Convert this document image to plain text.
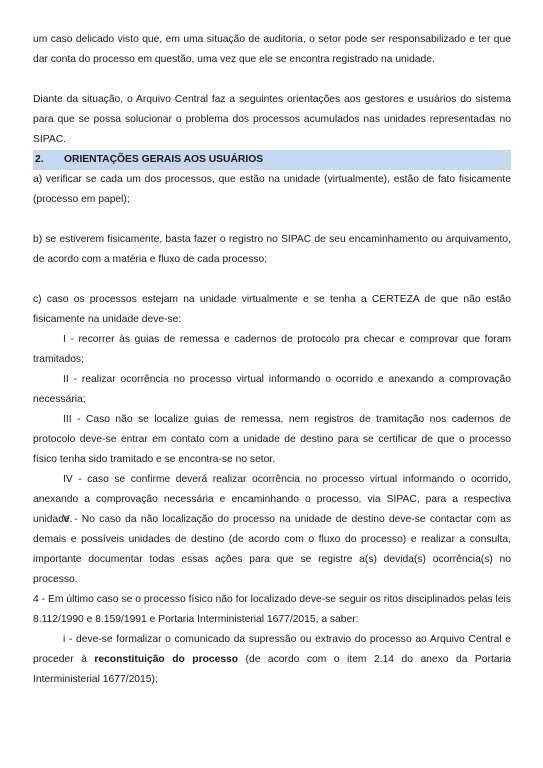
um caso delicado visto que, em uma situação de auditoria, o setor pode ser responsabilizado e ter que dar conta do processo em questão, uma vez que ele se encontra registrado na unidade.

Diante da situação, o Arquivo Central faz a seguintes orientações aos gestores e usuários do sistema para que se possa solucionar o problema dos processos acumulados nas unidades representadas no SIPAC.

2. ORIENTAÇÕES GERAIS AOS USUÁRIOS

a) verificar se cada um dos processos, que estão na unidade (virtualmente), estão de fato fisicamente (processo em papel);

b) se estiverem fisicamente, basta fazer o registro no SIPAC de seu encaminhamento ou arquivamento, de acordo com a matéria e fluxo de cada processo;

c) caso os processos estejam na unidade virtualmente e se tenha a CERTEZA de que não estão fisicamente na unidade deve-se:

I - recorrer às guias de remessa e cadernos de protocolo pra checar e comprovar que foram tramitados;

II - realizar ocorrência no processo virtual informando o ocorrido e anexando a comprovação necessária;

III - Caso não se localize guias de remessa, nem registros de tramitação nos cadernos de protocolo deve-se entrar em contato com a unidade de destino para se certificar de que o processo físico tenha sido tramitado e se encontra-se no setor.

IV - caso se confirme deverá realizar ocorrência no processo virtual informando o ocorrido, anexando a comprovação necessária e encaminhando o processo, via SIPAC, para a respectiva unidade.

V - No caso da não localização do processo na unidade de destino deve-se contactar com as demais e possíveis unidades de destino (de acordo com o fluxo do processo) e realizar a consulta, importante documentar todas essas ações para que se registre a(s) devida(s) ocorrência(s) no processo.

4 - Em último caso se o processo físico não for localizado deve-se seguir os ritos disciplinados pelas leis 8.112/1990 e 8.159/1991 e Portaria Interministerial 1677/2015, a saber:

i - deve-se formalizar o comunicado da supressão ou extravio do processo ao Arquivo Central e proceder à reconstituição do processo (de acordo com o item 2.14 do anexo da Portaria Interministerial 1677/2015);
